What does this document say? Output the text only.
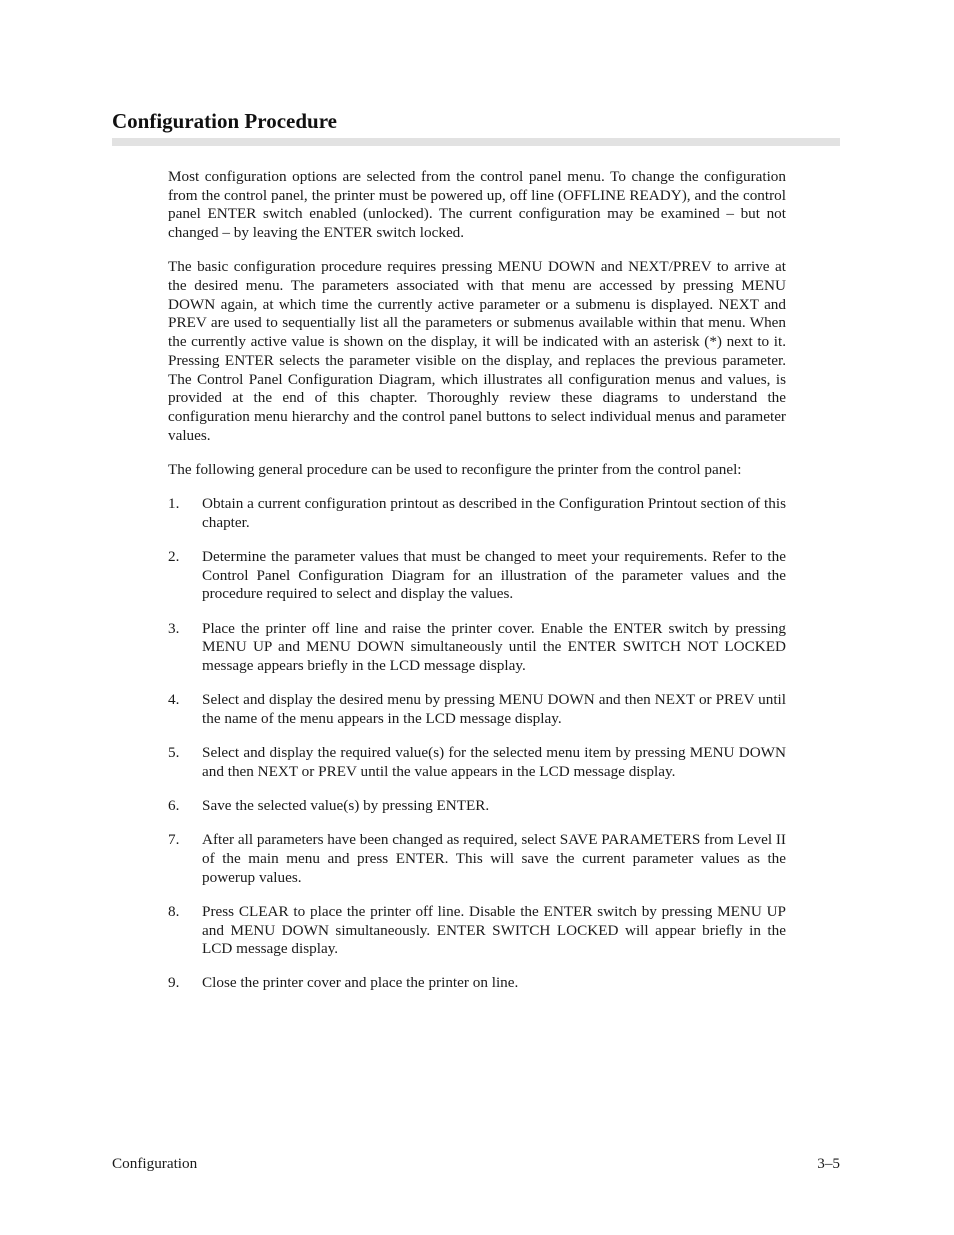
Configuration Procedure

Most configuration options are selected from the control panel menu. To change the configuration from the control panel, the printer must be powered up, off line (OFFLINE READY), and the control panel ENTER switch enabled (unlocked). The current configuration may be examined – but not changed – by leaving the ENTER switch locked.

The basic configuration procedure requires pressing MENU DOWN and NEXT/PREV to arrive at the desired menu. The parameters associated with that menu are accessed by pressing MENU DOWN again, at which time the currently active parameter or a submenu is displayed. NEXT and PREV are used to sequentially list all the parameters or submenus available within that menu. When the currently active value is shown on the display, it will be indicated with an asterisk (*) next to it. Pressing ENTER selects the parameter visible on the display, and replaces the previous parameter. The Control Panel Configuration Diagram, which illustrates all configuration menus and values, is provided at the end of this chapter. Thoroughly review these diagrams to understand the configuration menu hierarchy and the control panel buttons to select individual menus and parameter values.

The following general procedure can be used to reconfigure the printer from the control panel:

1. Obtain a current configuration printout as described in the Configuration Printout section of this chapter.
2. Determine the parameter values that must be changed to meet your requirements. Refer to the Control Panel Configuration Diagram for an illustration of the parameter values and the procedure required to select and display the values.
3. Place the printer off line and raise the printer cover. Enable the ENTER switch by pressing MENU UP and MENU DOWN simultaneously until the ENTER SWITCH NOT LOCKED message appears briefly in the LCD message display.
4. Select and display the desired menu by pressing MENU DOWN and then NEXT or PREV until the name of the menu appears in the LCD message display.
5. Select and display the required value(s) for the selected menu item by pressing MENU DOWN and then NEXT or PREV until the value appears in the LCD message display.
6. Save the selected value(s) by pressing ENTER.
7. After all parameters have been changed as required, select SAVE PARAMETERS from Level II of the main menu and press ENTER. This will save the current parameter values as the powerup values.
8. Press CLEAR to place the printer off line. Disable the ENTER switch by pressing MENU UP and MENU DOWN simultaneously. ENTER SWITCH LOCKED will appear briefly in the LCD message display.
9. Close the printer cover and place the printer on line.
Configuration	3–5
